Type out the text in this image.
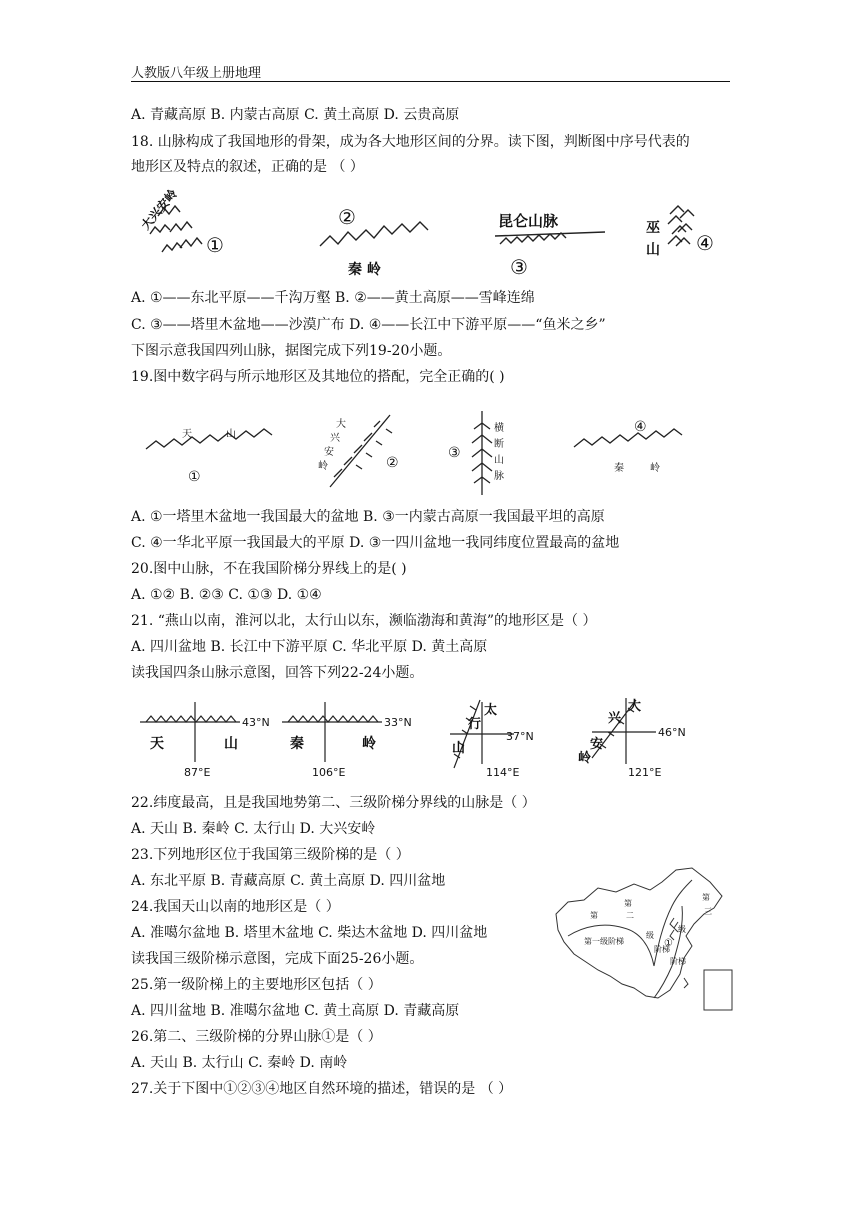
人教版八年级上册地理
A. 青藏高原 B. 内蒙古高原 C. 黄土高原 D. 云贵高原
18. 山脉构成了我国地形的骨架，成为各大地形区间的分界。读下图，判断图中序号代表的
地形区及特点的叙述，正确的是 （ ）
A. ①——东北平原——千沟万壑 B. ②——黄土高原——雪峰连绵
C. ③——塔里木盆地——沙漠广布 D. ④——长江中下游平原——“鱼米之乡”
下图示意我国四列山脉，据图完成下列19-20小题。
19.图中数字码与所示地形区及其地位的搭配，完全正确的( )
A. ①一塔里木盆地一我国最大的盆地 B. ③一内蒙古高原一我国最平坦的高原
C. ④一华北平原一我国最大的平原 D. ③一四川盆地一我同纬度位置最高的盆地
20.图中山脉，不在我国阶梯分界线上的是( )
A. ①② B. ②③ C. ①③ D. ①④
21. “燕山以南，淮河以北，太行山以东，濒临渤海和黄海”的地形区是（ ）
A. 四川盆地 B. 长江中下游平原 C. 华北平原 D. 黄土高原
读我国四条山脉示意图，回答下列22-24小题。
22.纬度最高，且是我国地势第二、三级阶梯分界线的山脉是（ ）
A. 天山 B. 秦岭 C. 太行山 D. 大兴安岭
23.下列地形区位于我国第三级阶梯的是（ ）
A. 东北平原 B. 青藏高原 C. 黄土高原 D. 四川盆地
24.我国天山以南的地形区是（ ）
A. 准噶尔盆地 B. 塔里木盆地 C. 柴达木盆地 D. 四川盆地
读我国三级阶梯示意图，完成下面25-26小题。
25.第一级阶梯上的主要地形区包括（ ）
A. 四川盆地 B. 准噶尔盆地 C. 黄土高原 D. 青藏高原
26.第二、三级阶梯的分界山脉①是（ ）
A. 天山 B. 太行山 C. 秦岭 D. 南岭
27.关于下图中①②③④地区自然环境的描述，错误的是 （ ）
大兴安岭
①
②
秦 岭
昆仑山脉
③
巫
山 ④
天	山
①
大
兴
安
岭	②
横
断
山
脉
③
④
秦	岭
43°N
87°E
天	山
33°N
106°E
秦	岭	37°N
114°E
太
行
山
46°N
121°E
大
兴
安
岭
第
第
二
第
三
第一级阶梯
级
阶梯
级
阶梯
①
